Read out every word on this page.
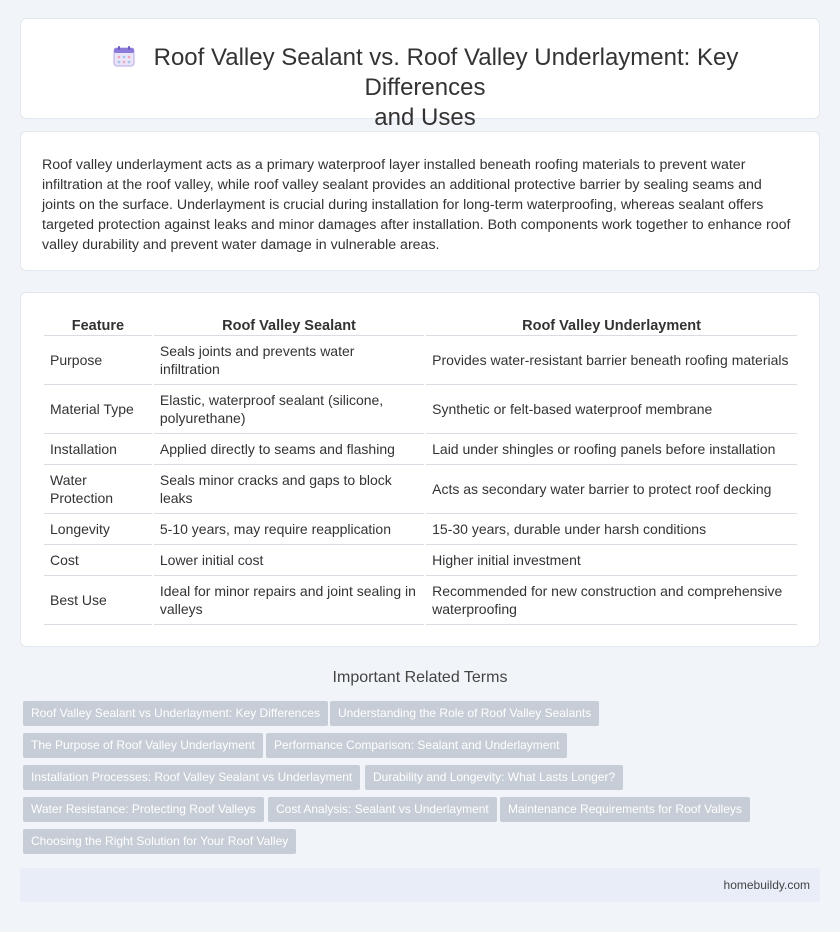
Roof Valley Sealant vs. Roof Valley Underlayment: Key Differences
and Uses

Roof valley underlayment acts as a primary waterproof layer installed beneath roofing materials to prevent water infiltration at the roof valley, while roof valley sealant provides an additional protective barrier by sealing seams and joints on the surface. Underlayment is crucial during installation for long-term waterproofing, whereas sealant offers targeted protection against leaks and minor damages after installation. Both components work together to enhance roof valley durability and prevent water damage in vulnerable areas.

Feature	Roof Valley Sealant	Roof Valley Underlayment
Purpose	Seals joints and prevents water infiltration	Provides water-resistant barrier beneath roofing materials
Material Type	Elastic, waterproof sealant (silicone, polyurethane)	Synthetic or felt-based waterproof membrane
Installation	Applied directly to seams and flashing	Laid under shingles or roofing panels before installation
Water Protection	Seals minor cracks and gaps to block leaks	Acts as secondary water barrier to protect roof decking
Longevity	5-10 years, may require reapplication	15-30 years, durable under harsh conditions
Cost	Lower initial cost	Higher initial investment
Best Use	Ideal for minor repairs and joint sealing in valleys	Recommended for new construction and comprehensive waterproofing
Important Related Terms
Roof Valley Sealant vs Underlayment: Key Differences	Understanding the Role of Roof Valley Sealants
The Purpose of Roof Valley Underlayment	Performance Comparison: Sealant and Underlayment
Installation Processes: Roof Valley Sealant vs Underlayment	Durability and Longevity: What Lasts Longer?
Water Resistance: Protecting Roof Valleys	Cost Analysis: Sealant vs Underlayment	Maintenance Requirements for Roof Valleys
Choosing the Right Solution for Your Roof Valley
homebuildy.com
